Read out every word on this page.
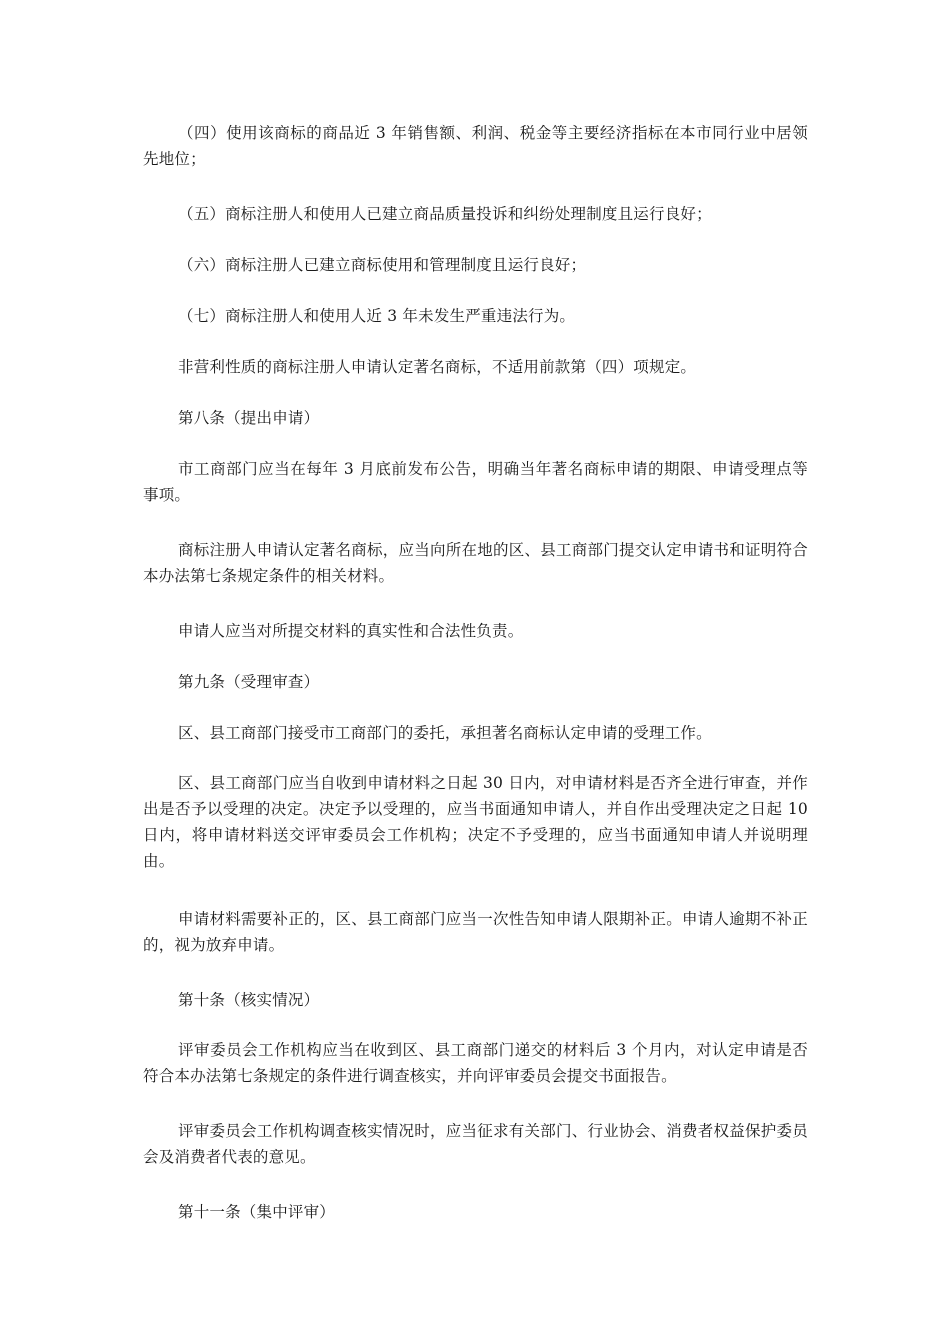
（四）使用该商标的商品近 3 年销售额、利润、税金等主要经济指标在本市同行业中居领先地位；

（五）商标注册人和使用人已建立商品质量投诉和纠纷处理制度且运行良好；

（六）商标注册人已建立商标使用和管理制度且运行良好；

（七）商标注册人和使用人近 3 年未发生严重违法行为。

非营利性质的商标注册人申请认定著名商标，不适用前款第（四）项规定。

第八条（提出申请）

市工商部门应当在每年 3 月底前发布公告，明确当年著名商标申请的期限、申请受理点等事项。

商标注册人申请认定著名商标，应当向所在地的区、县工商部门提交认定申请书和证明符合本办法第七条规定条件的相关材料。

申请人应当对所提交材料的真实性和合法性负责。

第九条（受理审查）

区、县工商部门接受市工商部门的委托，承担著名商标认定申请的受理工作。

区、县工商部门应当自收到申请材料之日起 30 日内，对申请材料是否齐全进行审查，并作出是否予以受理的决定。决定予以受理的，应当书面通知申请人，并自作出受理决定之日起 10 日内，将申请材料送交评审委员会工作机构；决定不予受理的，应当书面通知申请人并说明理由。

申请材料需要补正的，区、县工商部门应当一次性告知申请人限期补正。申请人逾期不补正的，视为放弃申请。

第十条（核实情况）

评审委员会工作机构应当在收到区、县工商部门递交的材料后 3 个月内，对认定申请是否符合本办法第七条规定的条件进行调查核实，并向评审委员会提交书面报告。

评审委员会工作机构调查核实情况时，应当征求有关部门、行业协会、消费者权益保护委员会及消费者代表的意见。

第十一条（集中评审）
